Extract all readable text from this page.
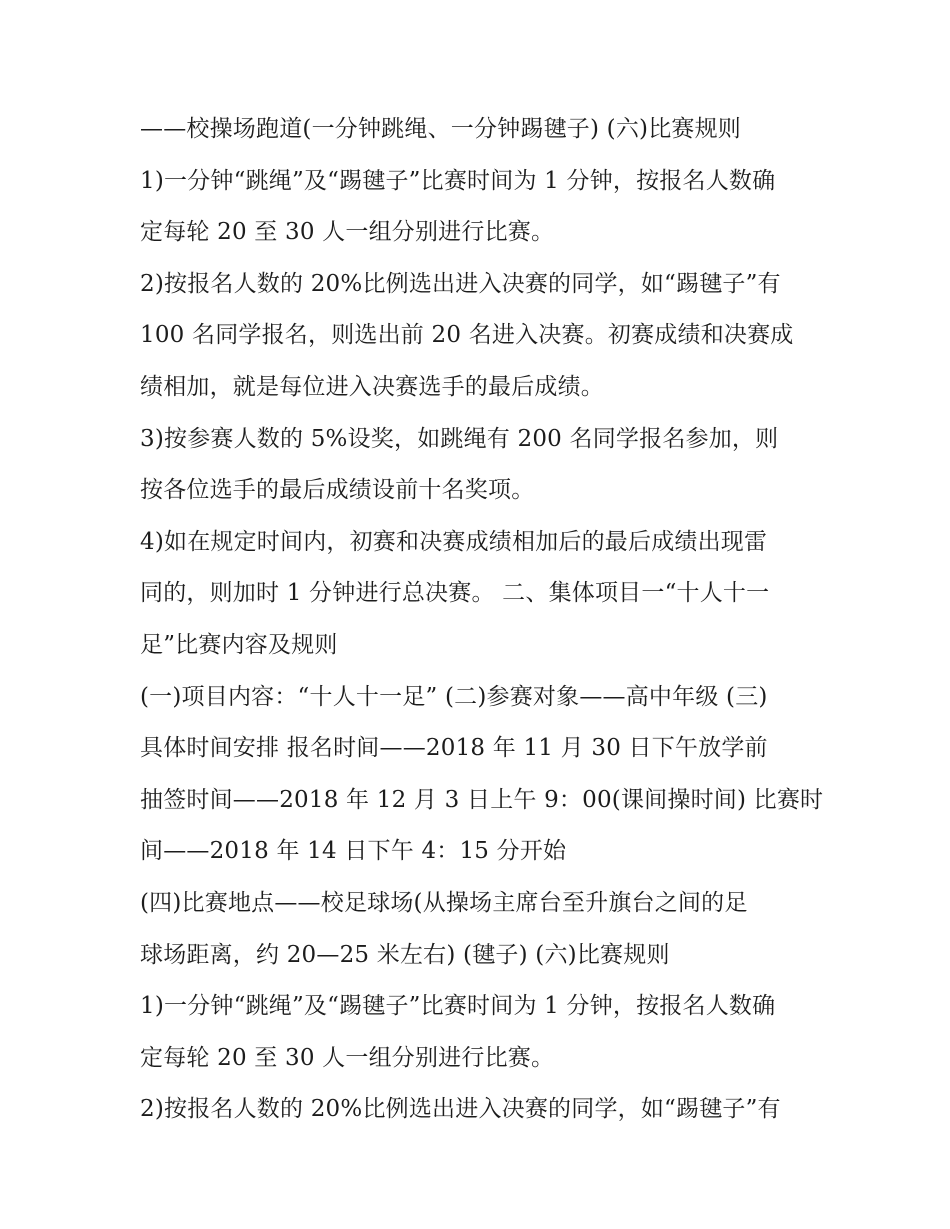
——校操场跑道(一分钟跳绳、一分钟踢毽子) (六)比赛规则
1)一分钟“跳绳”及“踢毽子”比赛时间为 1 分钟，按报名人数确
定每轮 20 至 30 人一组分别进行比赛。
2)按报名人数的 20%比例选出进入决赛的同学，如“踢毽子”有
100 名同学报名，则选出前 20 名进入决赛。初赛成绩和决赛成
绩相加，就是每位进入决赛选手的最后成绩。
3)按参赛人数的 5%设奖，如跳绳有 200 名同学报名参加，则
按各位选手的最后成绩设前十名奖项。
4)如在规定时间内，初赛和决赛成绩相加后的最后成绩出现雷
同的，则加时 1 分钟进行总决赛。 二、集体项目一“十人十一
足”比赛内容及规则
(一)项目内容：“十人十一足” (二)参赛对象——高中年级 (三)
具体时间安排 报名时间——2018 年 11 月 30 日下午放学前
抽签时间——2018 年 12 月 3 日上午 9：00(课间操时间) 比赛时
间——2018 年 14 日下午 4：15 分开始
(四)比赛地点——校足球场(从操场主席台至升旗台之间的足
球场距离，约 20—25 米左右) (毽子) (六)比赛规则
1)一分钟“跳绳”及“踢毽子”比赛时间为 1 分钟，按报名人数确
定每轮 20 至 30 人一组分别进行比赛。
2)按报名人数的 20%比例选出进入决赛的同学，如“踢毽子”有
